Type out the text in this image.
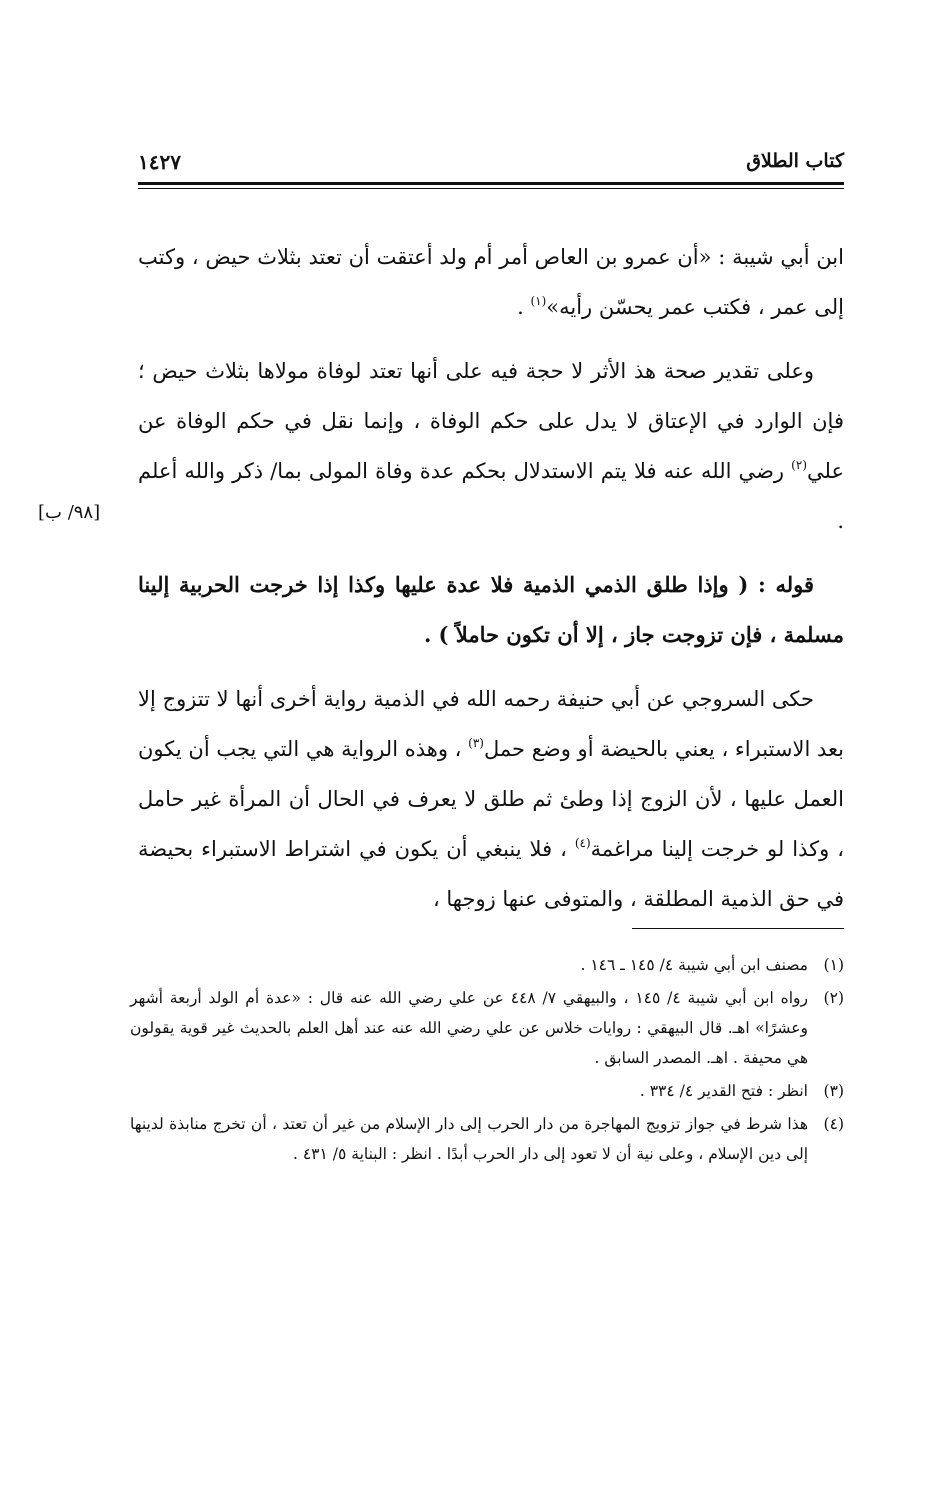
كتاب الطلاق
١٤٢٧
[٩٨/ ب]

ابن أبي شيبة : «أن عمرو بن العاص أمر أم ولد أعتقت أن تعتد بثلاث حيض ، وكتب إلى عمر ، فكتب عمر يحسّن رأيه»$^{(١)}$ .

وعلى تقدير صحة هذ الأثر لا حجة فيه على أنها تعتد لوفاة مولاها بثلاث حيض ؛ فإن الوارد في الإعتاق لا يدل على حكم الوفاة ، وإنما نقل في حكم الوفاة عن علي$^{(٢)}$ رضي الله عنه فلا يتم الاستدلال بحكم عدة وفاة المولى بما/ ذكر والله أعلم .

قوله : ( وإذا طلق الذمي الذمية فلا عدة عليها وكذا إذا خرجت الحربية إلينا مسلمة ، فإن تزوجت جاز ، إلا أن تكون حاملاً ) .

حكى السروجي عن أبي حنيفة رحمه الله في الذمية رواية أخرى أنها لا تتزوج إلا بعد الاستبراء ، يعني بالحيضة أو وضع حمل$^{(٣)}$ ، وهذه الرواية هي التي يجب أن يكون العمل عليها ، لأن الزوج إذا وطئ ثم طلق لا يعرف في الحال أن المرأة غير حامل ، وكذا لو خرجت إلينا مراغمة$^{(٤)}$ ، فلا ينبغي أن يكون في اشتراط الاستبراء بحيضة في حق الذمية المطلقة ، والمتوفى عنها زوجها ،

(١)
مصنف ابن أبي شيبة ٤/ ١٤٥ ـ ١٤٦ .
(٢)
رواه ابن أبي شيبة ٤/ ١٤٥ ، والبيهقي ٧/ ٤٤٨ عن علي رضي الله عنه قال : «عدة أم الولد أربعة أشهر وعشرًا» اهـ. قال البيهقي : روايات خلاس عن علي رضي الله عنه عند أهل العلم بالحديث غير قوية يقولون هي محيفة . اهـ. المصدر السابق .
(٣)
انظر : فتح القدير ٤/ ٣٣٤ .
(٤)
هذا شرط في جواز تزويج المهاجرة من دار الحرب إلى دار الإسلام من غير أن تعتد ، أن تخرج منابذة لدينها إلى دين الإسلام ، وعلى نية أن لا تعود إلى دار الحرب أبدًا . انظر : البناية ٥/ ٤٣١ .
